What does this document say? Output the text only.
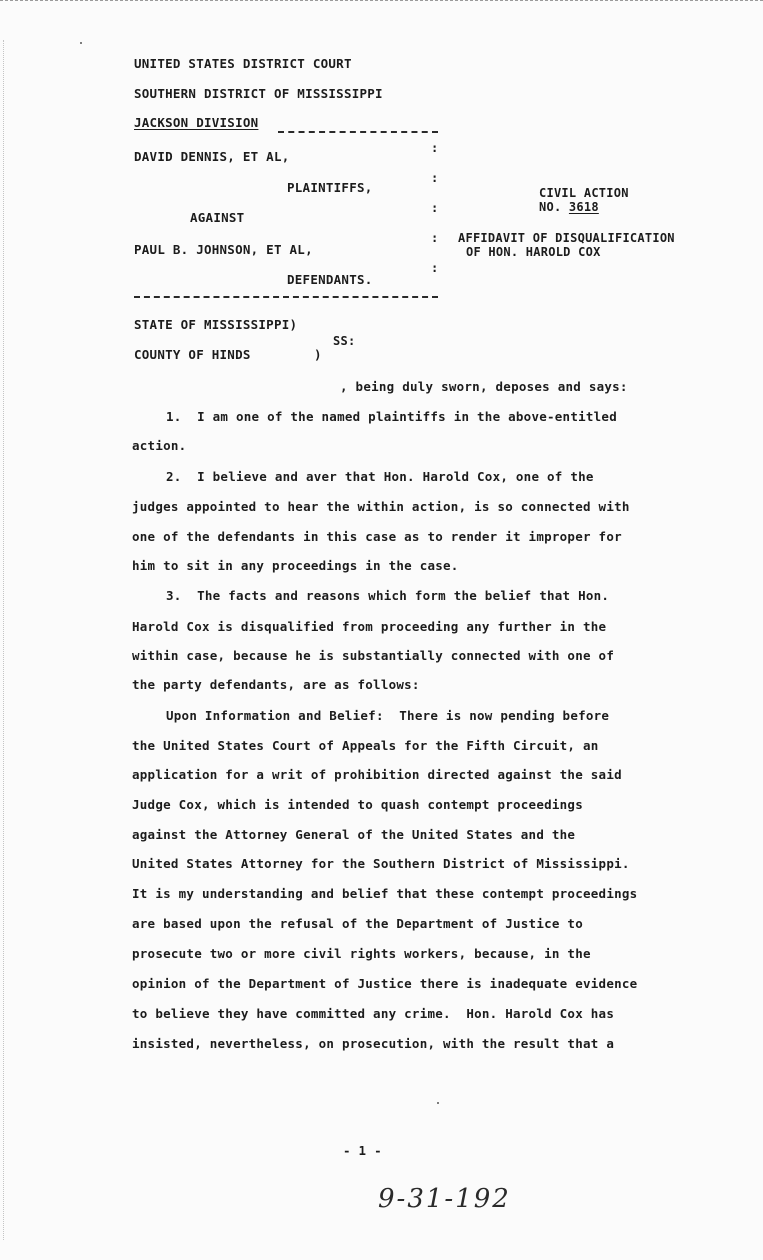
UNITED STATES DISTRICT COURT
SOUTHERN DISTRICT OF MISSISSIPPI
JACKSON DIVISION
DAVID DENNIS, ET AL,
PLAINTIFFS,
AGAINST
PAUL B. JOHNSON, ET AL,
DEFENDANTS.
:
:
:
:
:
CIVIL ACTION
NO. 3618
AFFIDAVIT OF DISQUALIFICATION
OF HON. HAROLD COX
STATE OF MISSISSIPPI)
SS:
COUNTY OF HINDS	)
, being duly sworn, deposes and says:
1.  I am one of the named plaintiffs in the above-entitled
action.
2.  I believe and aver that Hon. Harold Cox, one of the
judges appointed to hear the within action, is so connected with
one of the defendants in this case as to render it improper for
him to sit in any proceedings in the case.
3.  The facts and reasons which form the belief that Hon.
Harold Cox is disqualified from proceeding any further in the
within case, because he is substantially connected with one of
the party defendants, are as follows:
Upon Information and Belief:  There is now pending before
the United States Court of Appeals for the Fifth Circuit, an
application for a writ of prohibition directed against the said
Judge Cox, which is intended to quash contempt proceedings
against the Attorney General of the United States and the
United States Attorney for the Southern District of Mississippi.
It is my understanding and belief that these contempt proceedings
are based upon the refusal of the Department of Justice to
prosecute two or more civil rights workers, because, in the
opinion of the Department of Justice there is inadequate evidence
to believe they have committed any crime.  Hon. Harold Cox has
insisted, nevertheless, on prosecution, with the result that a
- 1 -
9-31-192
